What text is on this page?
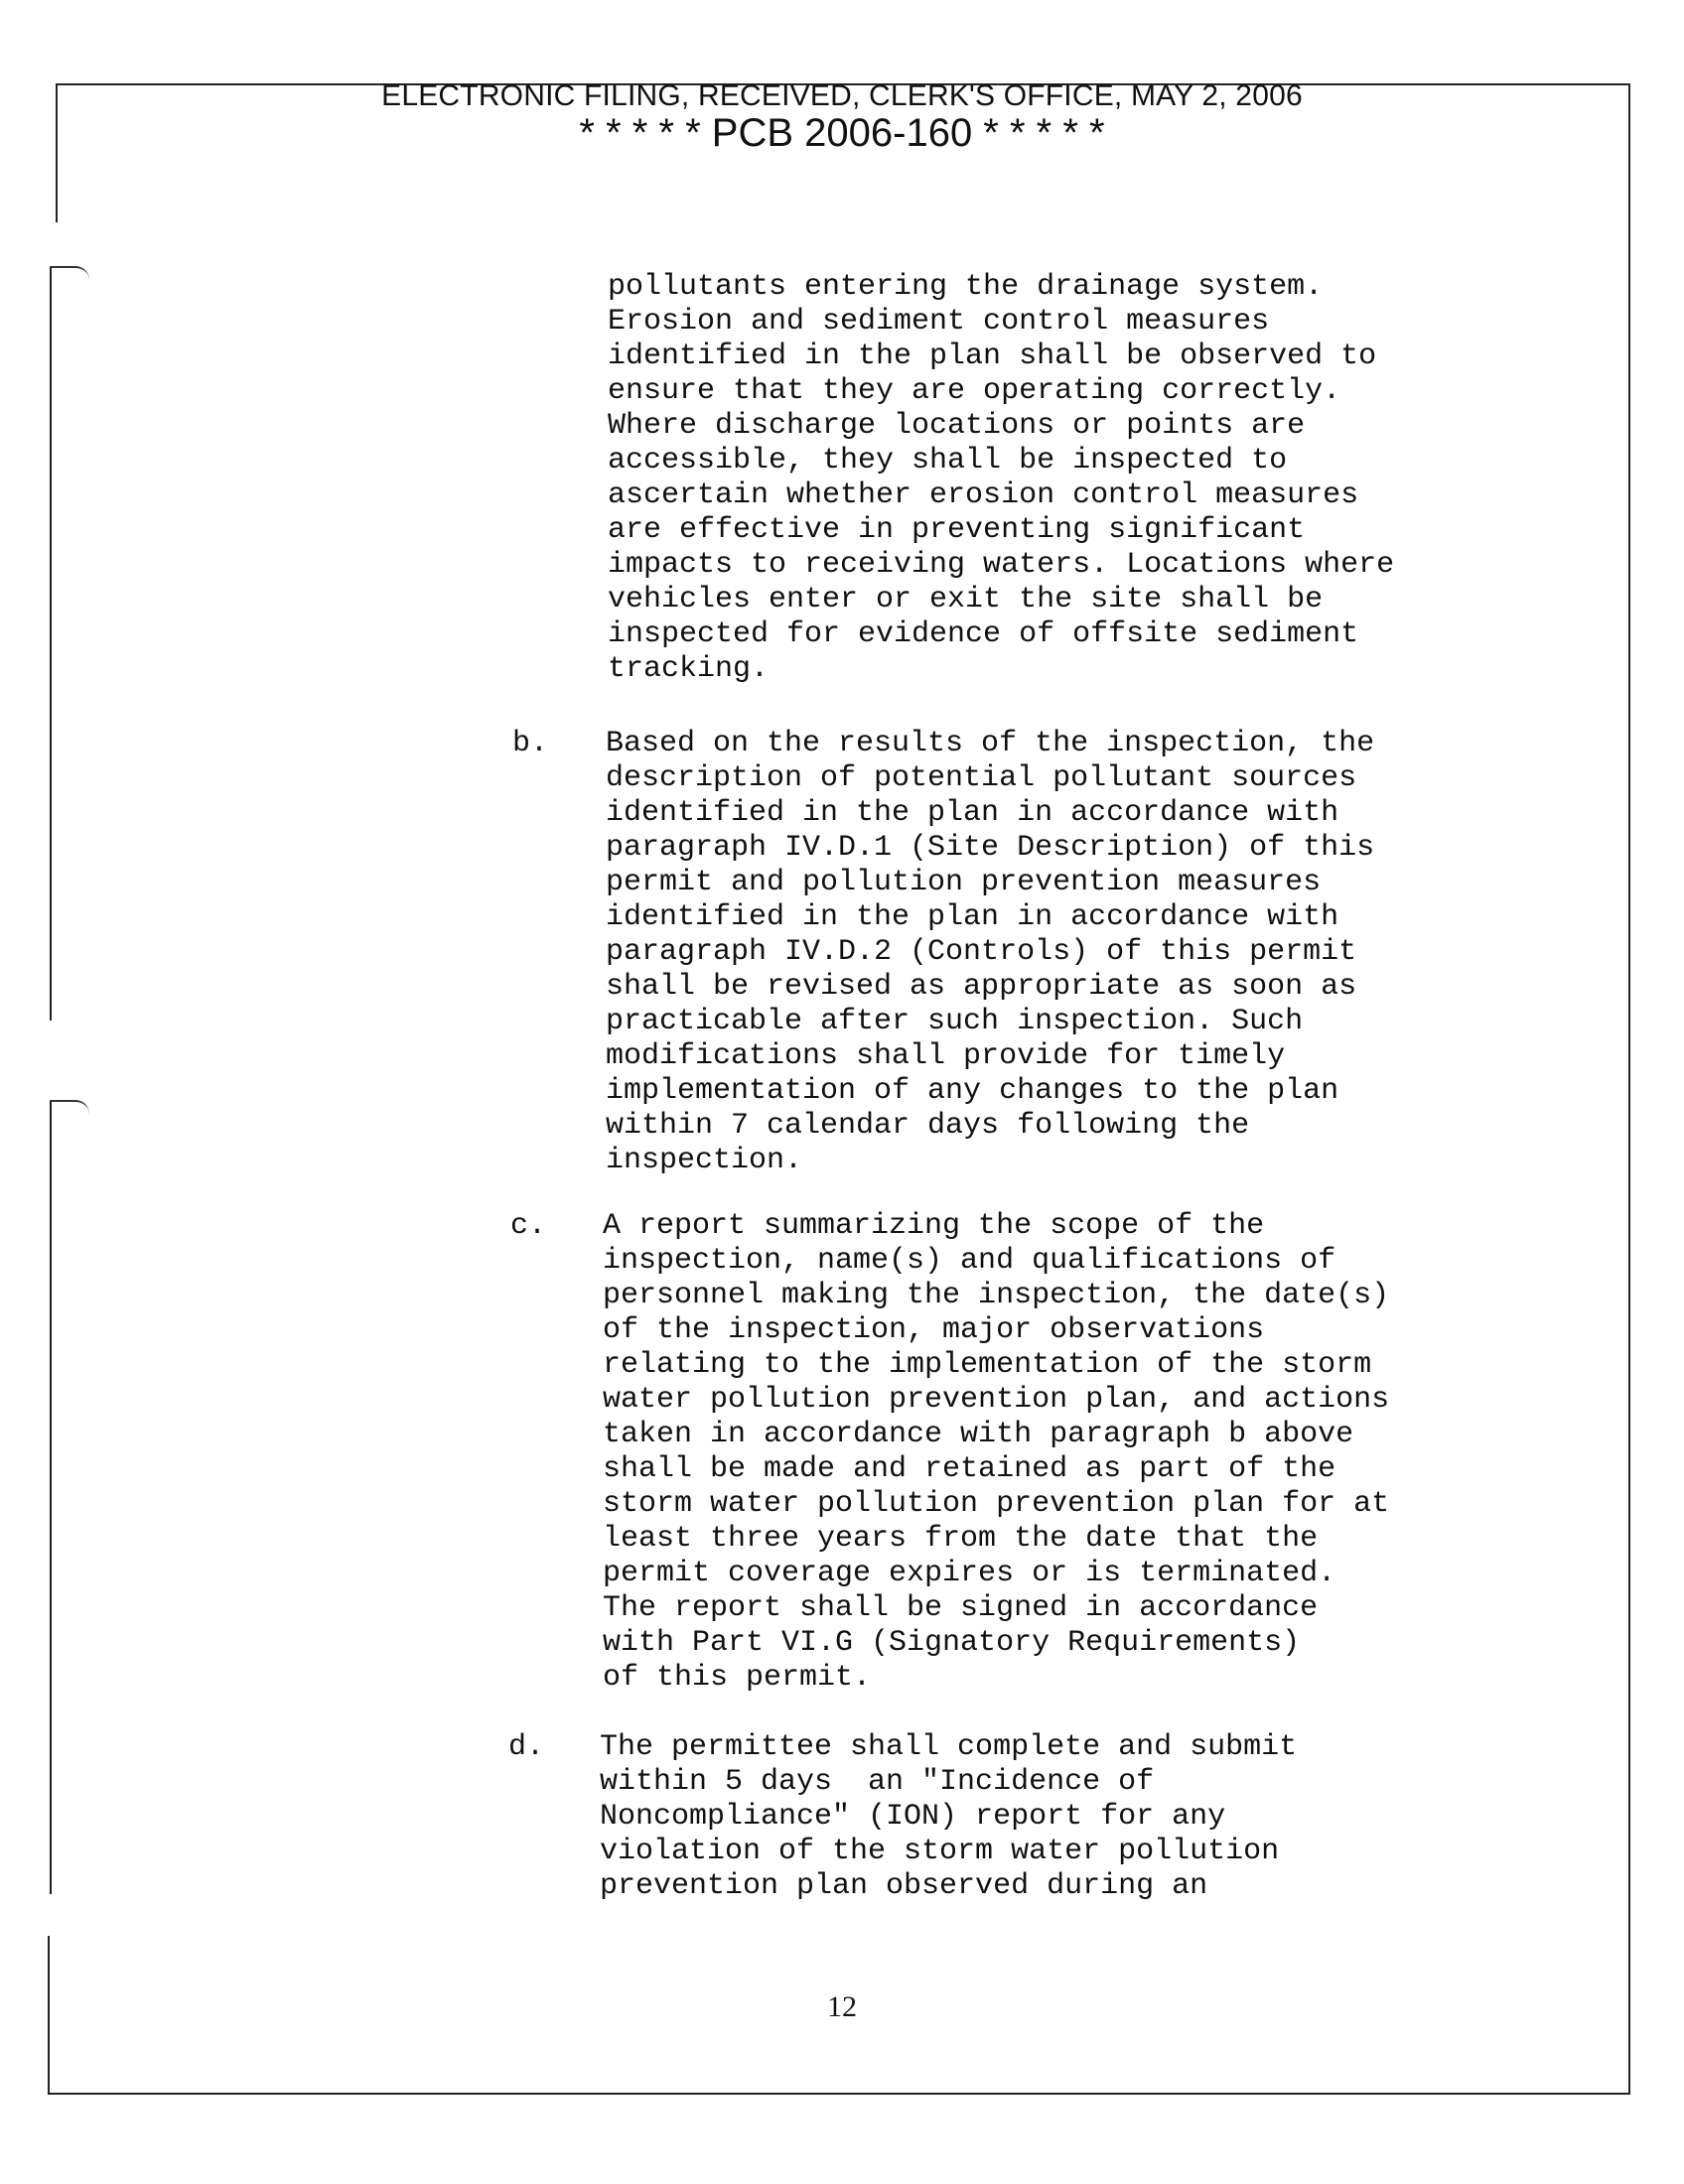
ELECTRONIC FILING, RECEIVED, CLERK'S OFFICE, MAY 2, 2006
* * * * * PCB 2006-160 * * * * *
pollutants entering the drainage system.
Erosion and sediment control measures
identified in the plan shall be observed to
ensure that they are operating correctly.
Where discharge locations or points are
accessible, they shall be inspected to
ascertain whether erosion control measures
are effective in preventing significant
impacts to receiving waters. Locations where
vehicles enter or exit the site shall be
inspected for evidence of offsite sediment
tracking.
b. Based on the results of the inspection, the
description of potential pollutant sources
identified in the plan in accordance with
paragraph IV.D.1 (Site Description) of this
permit and pollution prevention measures
identified in the plan in accordance with
paragraph IV.D.2 (Controls) of this permit
shall be revised as appropriate as soon as
practicable after such inspection. Such
modifications shall provide for timely
implementation of any changes to the plan
within 7 calendar days following the
inspection.
c. A report summarizing the scope of the
inspection, name(s) and qualifications of
personnel making the inspection, the date(s)
of the inspection, major observations
relating to the implementation of the storm
water pollution prevention plan, and actions
taken in accordance with paragraph b above
shall be made and retained as part of the
storm water pollution prevention plan for at
least three years from the date that the
permit coverage expires or is terminated.
The report shall be signed in accordance
with Part VI.G (Signatory Requirements)
of this permit.
d. The permittee shall complete and submit
within 5 days  an "Incidence of
Noncompliance" (ION) report for any
violation of the storm water pollution
prevention plan observed during an
12
